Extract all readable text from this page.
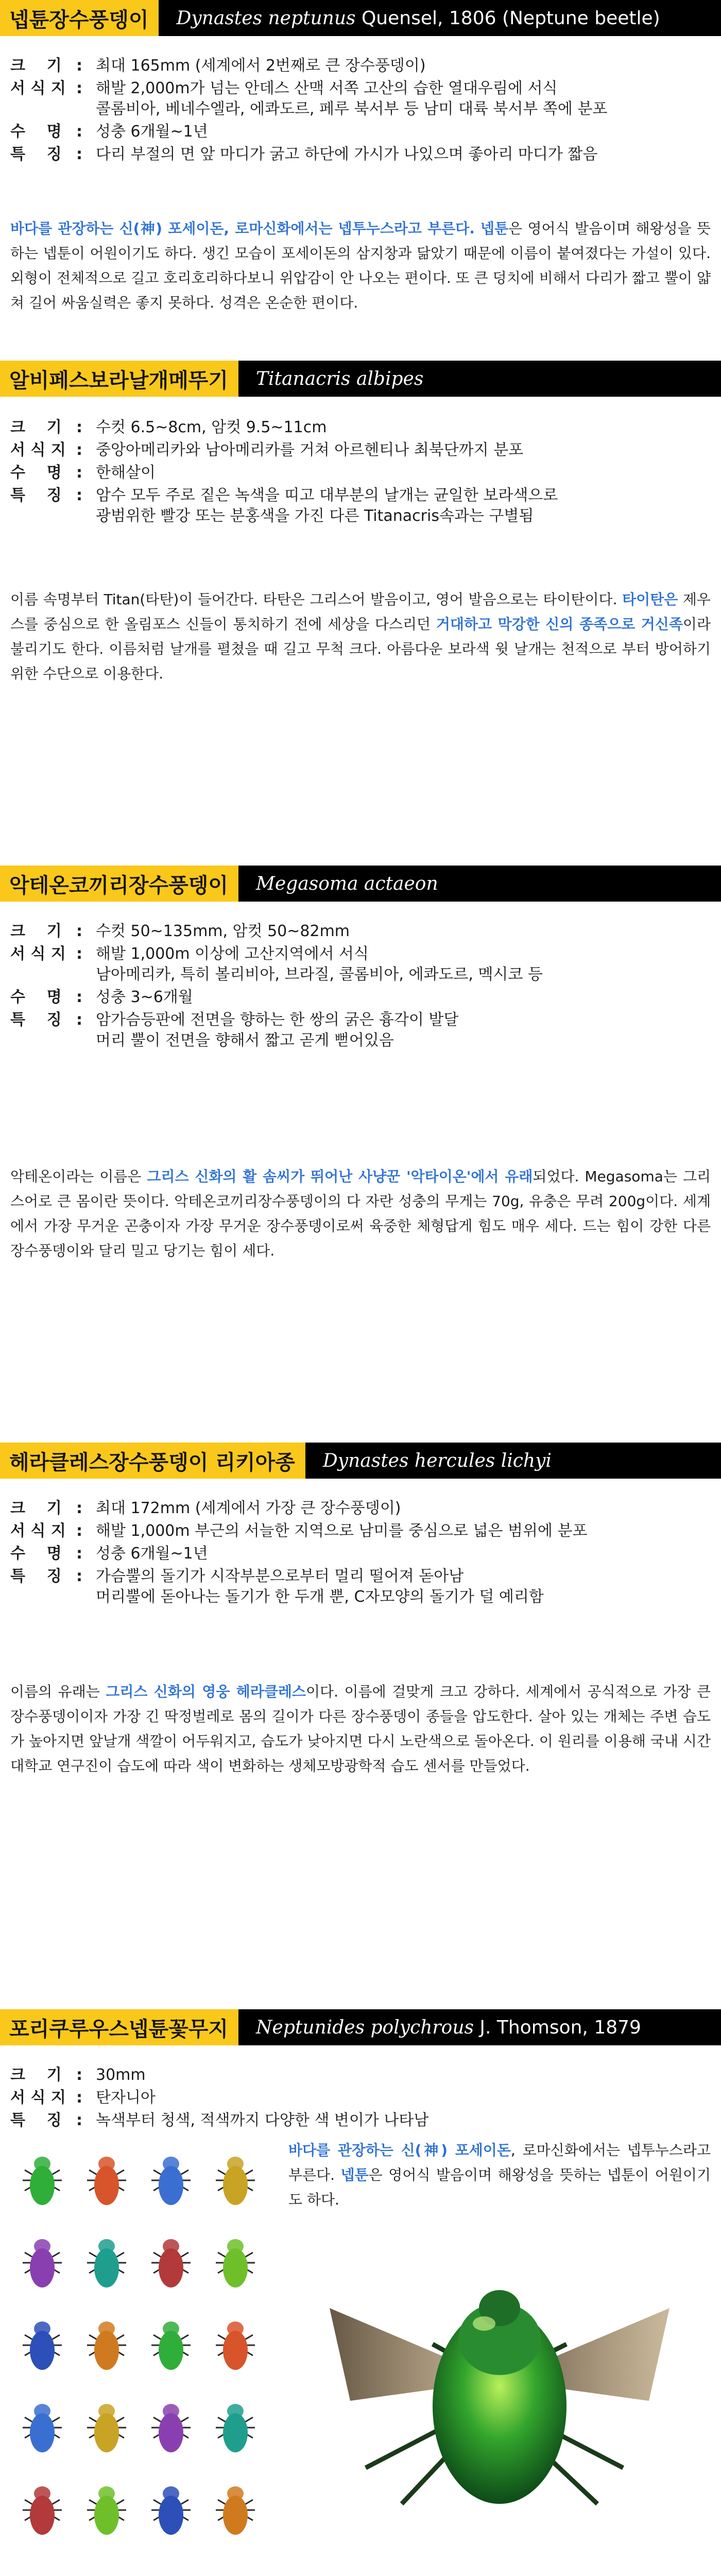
넵튠장수풍뎅이	Dynastes neptunus Quensel, 1806 (Neptune beetle)
크    기 : 최대 165mm (세계에서 2번째로 큰 장수풍뎅이)
서 식 지 : 해발 2,000m가 넘는 안데스 산맥 서쪽 고산의 습한 열대우림에 서식
콜롬비아, 베네수엘라, 에콰도르, 페루 북서부 등 남미 대륙 북서부 쪽에 분포
수    명 : 성충 6개월~1년
특    징 : 다리 부절의 면 앞 마디가 굵고 하단에 가시가 나있으며 좋아리 마디가 짧음
바다를 관장하는 신(神) 포세이돈, 로마신화에서는 넵투누스라고 부른다. 넵툰은 영어식 발음이며 해왕성을 뜻하는 넵툰이 어원이기도 하다. 생긴 모습이 포세이돈의 삼지창과 닮았기 때문에 이름이 붙여졌다는 가설이 있다. 외형이 전체적으로 길고 호리호리하다보니 위압감이 안 나오는 편이다. 또 큰 덩치에 비해서 다리가 짧고 뿔이 얇쳐 길어 싸움실력은 좋지 못하다. 성격은 온순한 편이다.
알비페스보라날개메뚜기	Titanacris albipes
크    기 : 수컷 6.5~8cm, 암컷 9.5~11cm
서 식 지 : 중앙아메리카와 남아메리카를 거쳐 아르헨티나 최북단까지 분포
수    명 : 한해살이
특    징 : 암수 모두 주로 짙은 녹색을 띠고 대부분의 날개는 균일한 보라색으로
광범위한 빨강 또는 분홍색을 가진 다른 Titanacris속과는 구별됨
이름 속명부터 Titan(타탄)이 들어간다. 타탄은 그리스어 발음이고, 영어 발음으로는 타이탄이다. 타이탄은 제우스를 중심으로 한 올림포스 신들이 통치하기 전에 세상을 다스리던 거대하고 막강한 신의 종족으로 거신족이라 불리기도 한다. 이름처럼 날개를 펼쳤을 때 길고 무척 크다. 아름다운 보라색 윗 날개는 천적으로 부터 방어하기 위한 수단으로 이용한다.
악테온코끼리장수풍뎅이	Megasoma actaeon
크    기 : 수컷 50~135mm, 암컷 50~82mm
서 식 지 : 해발 1,000m 이상에 고산지역에서 서식
남아메리카, 특히 볼리비아, 브라질, 콜롬비아, 에콰도르, 멕시코 등
수    명 : 성충 3~6개월
특    징 : 암가슴등판에 전면을 향하는 한 쌍의 굵은 흉각이 발달
머리 뿔이 전면을 향해서 짧고 곧게 뻗어있음
악테온이라는 이름은 그리스 신화의 활 솜씨가 뛰어난 사냥꾼 '악타이온'에서 유래되었다. Megasoma는 그리스어로 큰 몸이란 뜻이다. 악테온코끼리장수풍뎅이의 다 자란 성충의 무게는 70g, 유충은 무려 200g이다. 세계에서 가장 무거운 곤충이자 가장 무거운 장수풍뎅이로써 육중한 체형답게 힘도 매우 세다. 드는 힘이 강한 다른 장수풍뎅이와 달리 밀고 당기는 힘이 세다.
헤라클레스장수풍뎅이 리키아종	Dynastes hercules lichyi
크    기 : 최대 172mm (세계에서 가장 큰 장수풍뎅이)
서 식 지 : 해발 1,000m 부근의 서늘한 지역으로 남미를 중심으로 넓은 범위에 분포
수    명 : 성충 6개월~1년
특    징 : 가슴뿔의 돌기가 시작부분으로부터 멀리 떨어져 돋아남
머리뿔에 돋아나는 돌기가 한 두개 뿐, C자모양의 돌기가 덜 예리함
이름의 유래는 그리스 신화의 영웅 헤라클레스이다. 이름에 걸맞게 크고 강하다. 세계에서 공식적으로 가장 큰 장수풍뎅이이자 가장 긴 딱정벌레로 몸의 길이가 다른 장수풍뎅이 종들을 압도한다. 살아 있는 개체는 주변 습도가 높아지면 앞날개 색깔이 어두워지고, 습도가 낮아지면 다시 노란색으로 돌아온다. 이 원리를 이용해 국내 시간대학교 연구진이 습도에 따라 색이 변화하는 생체모방광학적 습도 센서를 만들었다.
포리쿠루우스넵튠꽃무지	Neptunides polychrous J. Thomson, 1879
크    기 : 30mm
서 식 지 : 탄자니아
특    징 : 녹색부터 청색, 적색까지 다양한 색 변이가 나타남
바다를 관장하는 신(神) 포세이돈, 로마신화에서는 넵투누스라고 부른다. 넵툰은 영어식 발음이며 해왕성을 뜻하는 넵툰이 어원이기도 하다.
